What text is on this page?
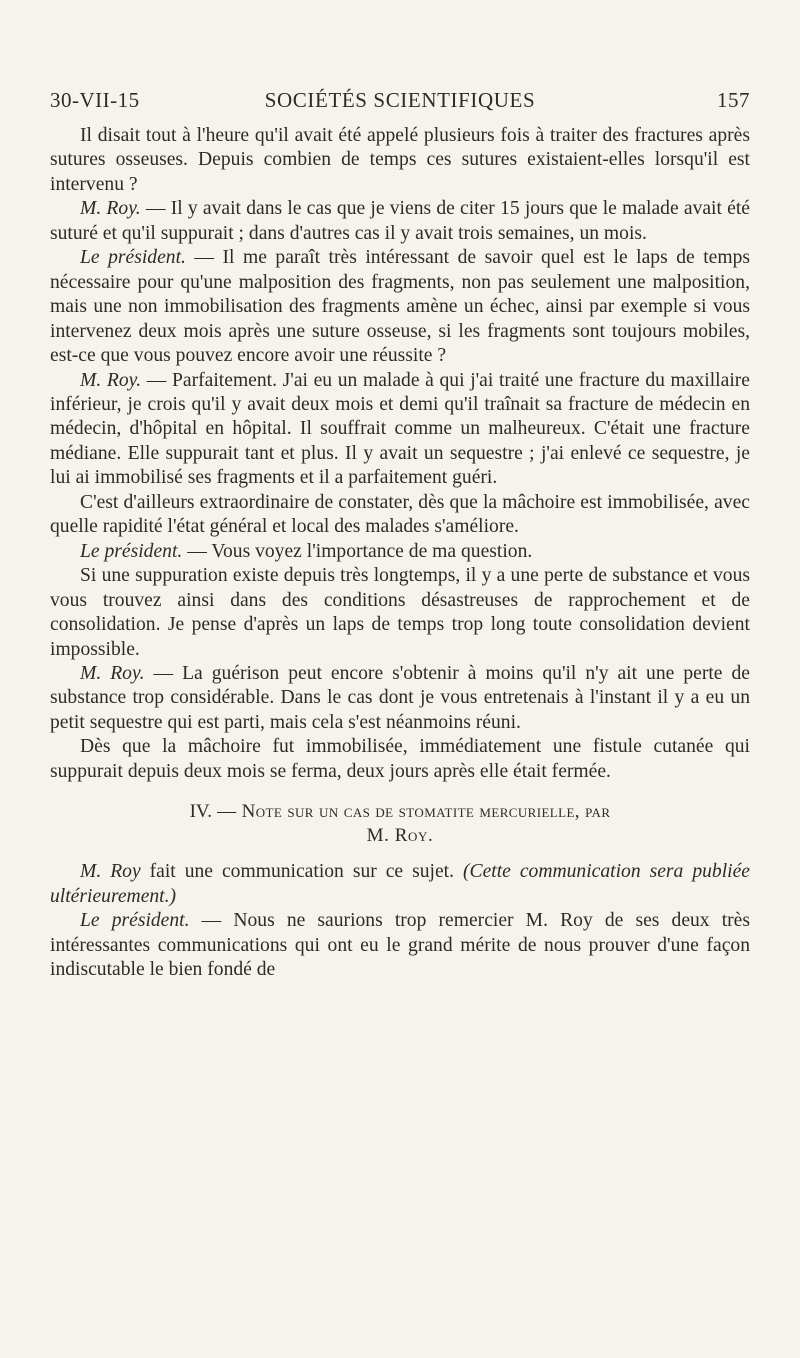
30-VII-15	SOCIÉTÉS SCIENTIFIQUES	157

Il disait tout à l'heure qu'il avait été appelé plusieurs fois à traiter des fractures après sutures osseuses. Depuis combien de temps ces sutures existaient-elles lorsqu'il est intervenu ?

M. Roy. — Il y avait dans le cas que je viens de citer 15 jours que le malade avait été suturé et qu'il suppurait ; dans d'autres cas il y avait trois semaines, un mois.

Le président. — Il me paraît très intéressant de savoir quel est le laps de temps nécessaire pour qu'une malposition des fragments, non pas seulement une malposition, mais une non immobilisation des fragments amène un échec, ainsi par exemple si vous intervenez deux mois après une suture osseuse, si les fragments sont toujours mobiles, est-ce que vous pouvez encore avoir une réussite ?

M. Roy. — Parfaitement. J'ai eu un malade à qui j'ai traité une fracture du maxillaire inférieur, je crois qu'il y avait deux mois et demi qu'il traînait sa fracture de médecin en médecin, d'hôpital en hôpital. Il souffrait comme un malheureux. C'était une fracture médiane. Elle suppurait tant et plus. Il y avait un sequestre ; j'ai enlevé ce sequestre, je lui ai immobilisé ses fragments et il a parfaitement guéri.

C'est d'ailleurs extraordinaire de constater, dès que la mâchoire est immobilisée, avec quelle rapidité l'état général et local des malades s'améliore.

Le président. — Vous voyez l'importance de ma question.

Si une suppuration existe depuis très longtemps, il y a une perte de substance et vous vous trouvez ainsi dans des conditions désastreuses de rapprochement et de consolidation. Je pense d'après un laps de temps trop long toute consolidation devient impossible.

M. Roy. — La guérison peut encore s'obtenir à moins qu'il n'y ait une perte de substance trop considérable. Dans le cas dont je vous entretenais à l'instant il y a eu un petit sequestre qui est parti, mais cela s'est néanmoins réuni.

Dès que la mâchoire fut immobilisée, immédiatement une fistule cutanée qui suppurait depuis deux mois se ferma, deux jours après elle était fermée.

IV. — Note sur un cas de stomatite mercurielle, par
M. Roy.

M. Roy fait une communication sur ce sujet. (Cette communication sera publiée ultérieurement.)

Le président. — Nous ne saurions trop remercier M. Roy de ses deux très intéressantes communications qui ont eu le grand mérite de nous prouver d'une façon indiscutable le bien fondé de
